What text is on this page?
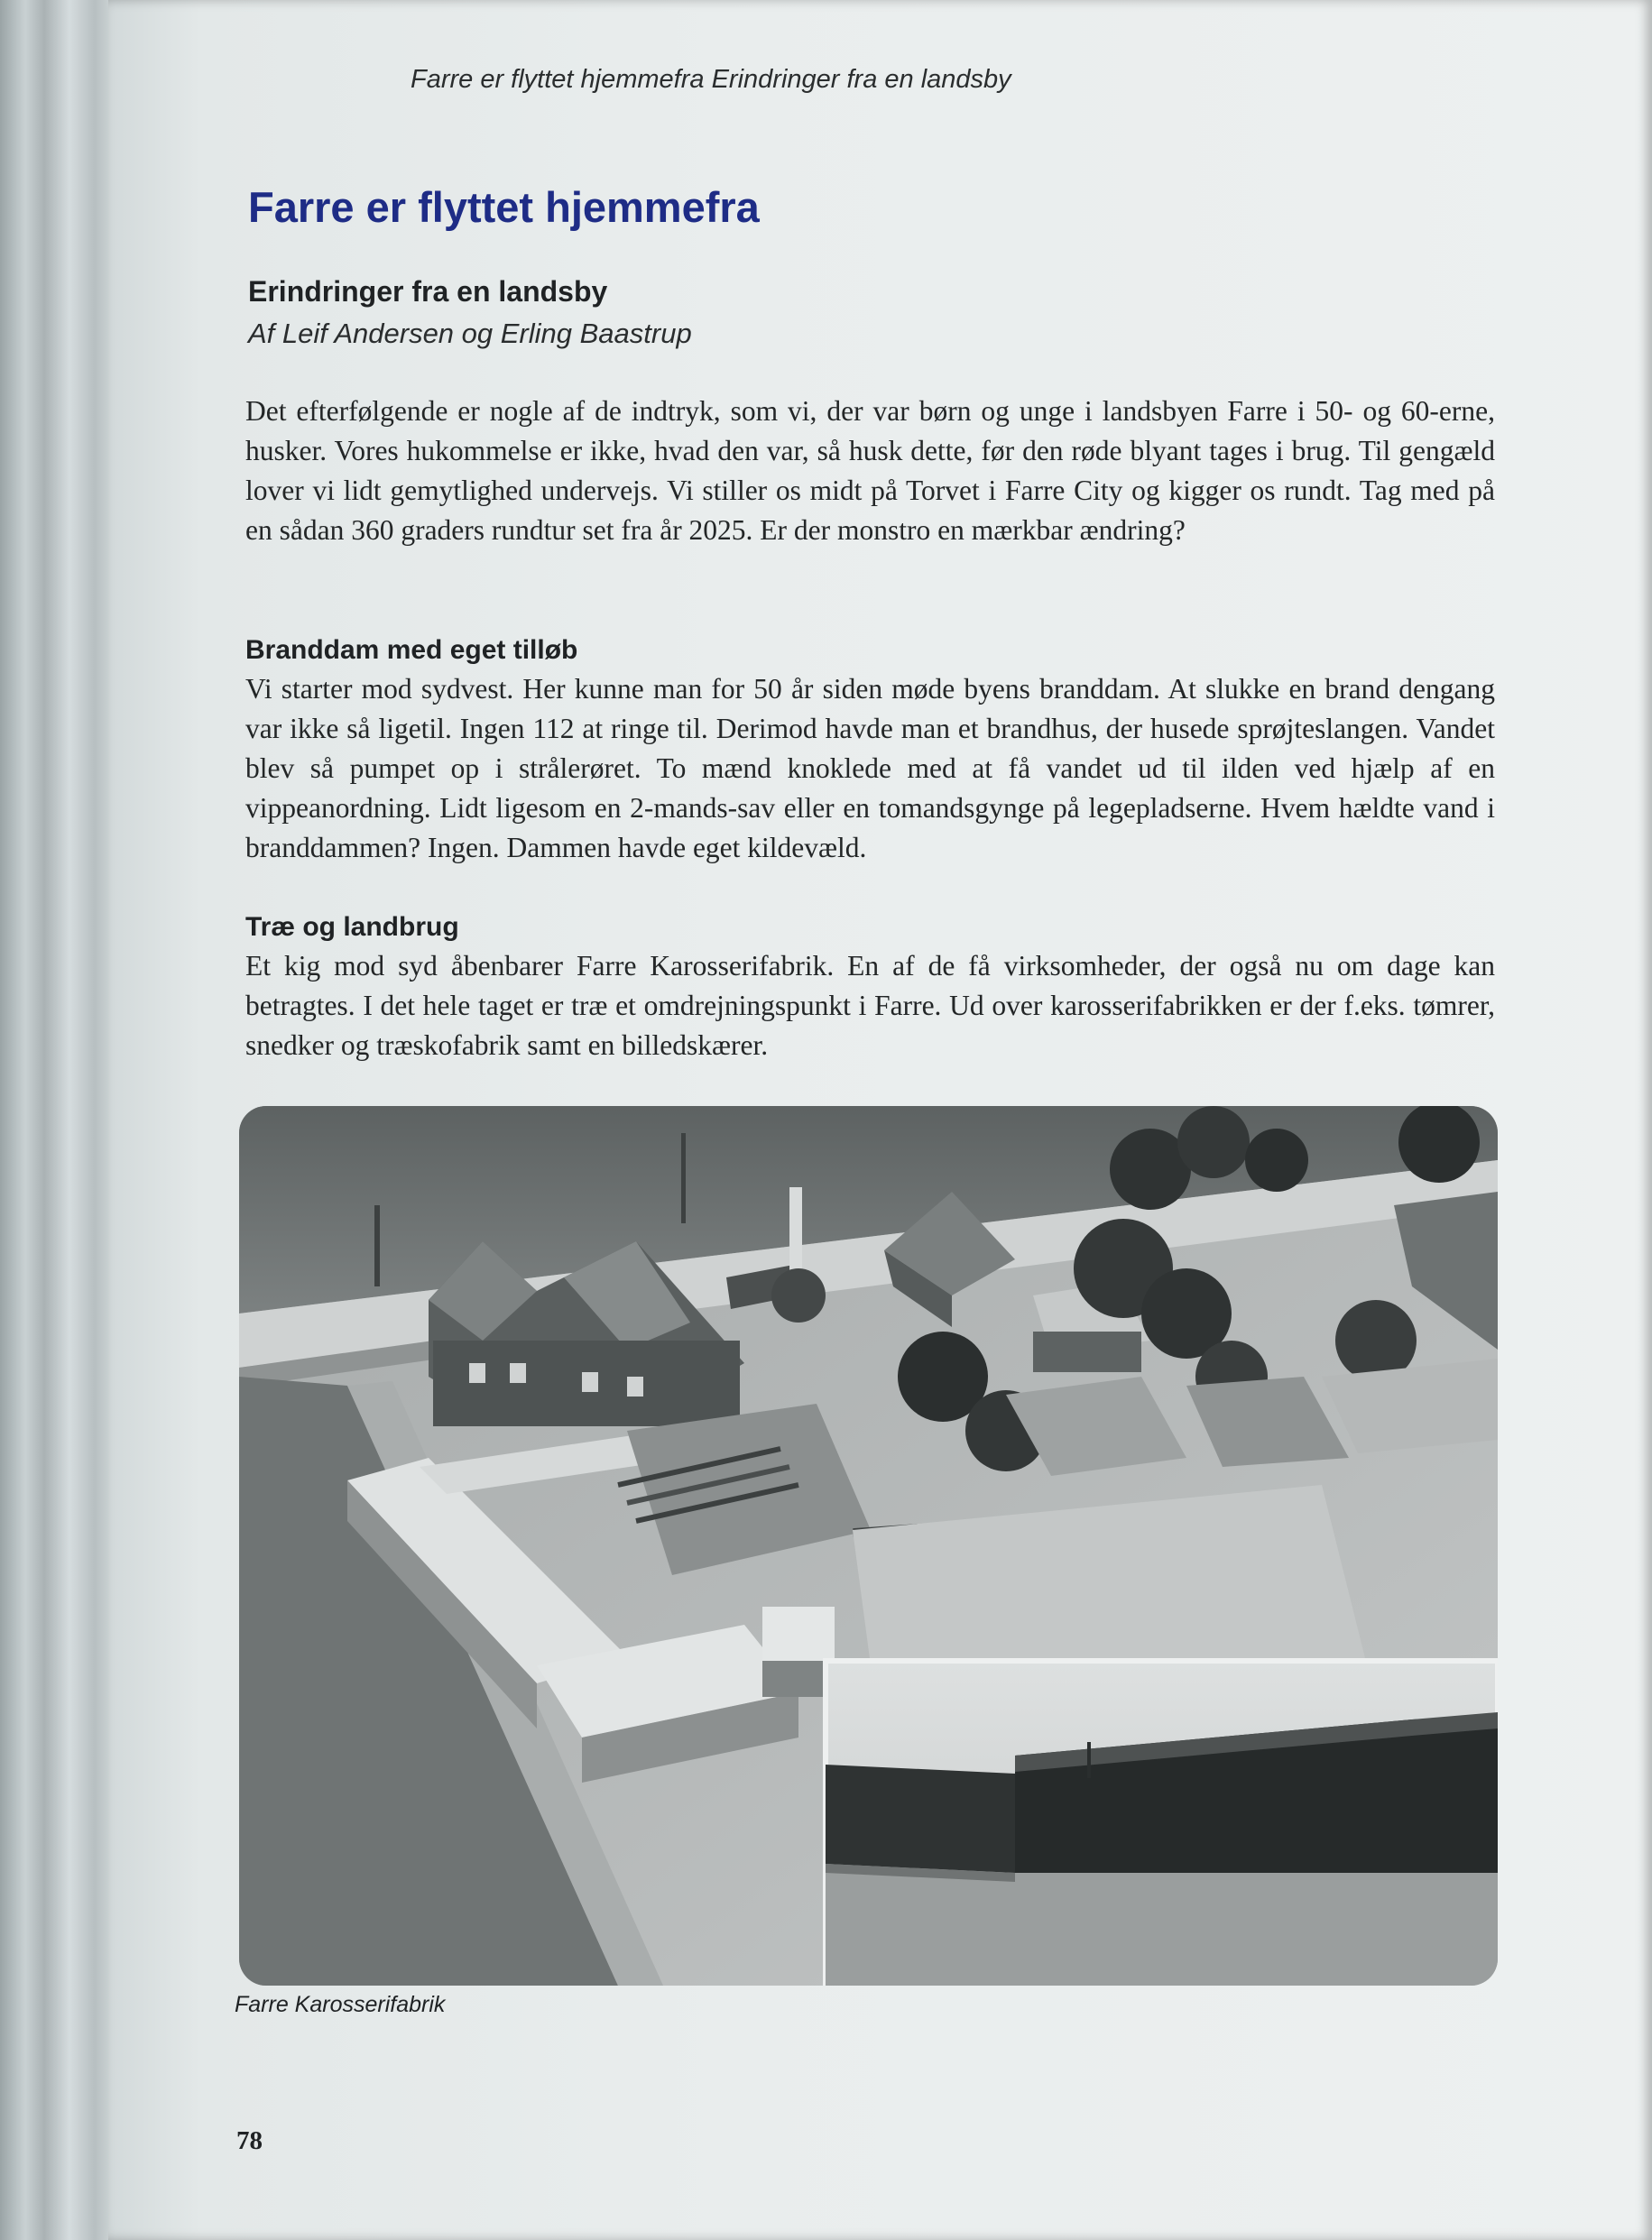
Farre er flyttet hjemmefra Erindringer fra en landsby
Farre er flyttet hjemmefra
Erindringer fra en landsby
Af Leif Andersen og Erling Baastrup

Det efterfølgende er nogle af de indtryk, som vi, der var børn og unge i landsbyen Farre i 50- og 60-erne, husker. Vores hukommelse er ikke, hvad den var, så husk dette, før den røde blyant tages i brug. Til gengæld lover vi lidt gemytlighed undervejs. Vi stiller os midt på Torvet i Farre City og kigger os rundt. Tag med på en sådan 360 graders rundtur set fra år 2025. Er der monstro en mærkbar ændring?

Branddam med eget tilløb

Vi starter mod sydvest. Her kunne man for 50 år siden møde byens branddam. At slukke en brand dengang var ikke så ligetil. Ingen 112 at ringe til. Derimod havde man et brandhus, der husede sprøjteslangen. Vandet blev så pumpet op i strålerøret. To mænd knoklede med at få vandet ud til ilden ved hjælp af en vippeanordning. Lidt ligesom en 2-mands-sav eller en tomandsgynge på legepladserne. Hvem hældte vand i branddammen? Ingen. Dammen havde eget kildevæld.

Træ og landbrug

Et kig mod syd åbenbarer Farre Karosserifabrik. En af de få virksomheder, der også nu om dage kan betragtes. I det hele taget er træ et omdrejningspunkt i Farre. Ud over karosserifabrikken er der f.eks. tømrer, snedker og træskofabrik samt en billedskærer.

Farre Karosserifabrik
78
